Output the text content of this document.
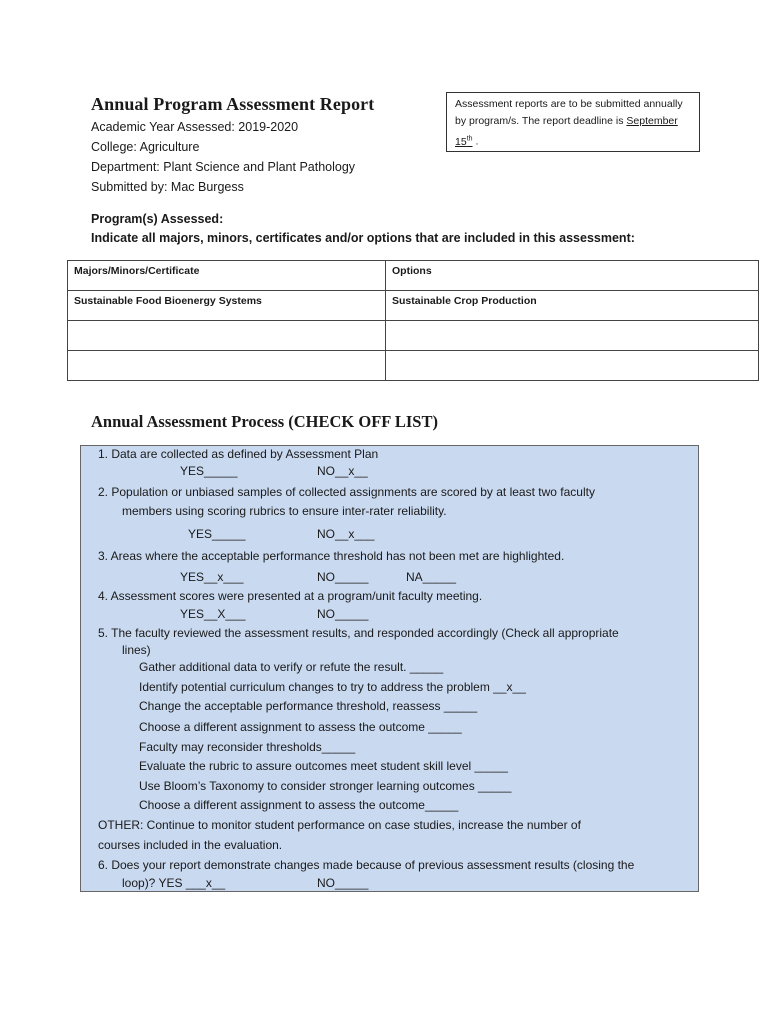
Annual Program Assessment Report
Academic Year Assessed: 2019-2020
College: Agriculture
Department: Plant Science and Plant Pathology
Submitted by: Mac Burgess
Assessment reports are to be submitted annually
by program/s. The report deadline is September
15th .
Program(s) Assessed:
Indicate all majors, minors, certificates and/or options that are included in this assessment:
Majors/Minors/Certificate	Options
Sustainable Food Bioenergy Systems	Sustainable Crop Production

Annual Assessment Process (CHECK OFF LIST)
1. Data are collected as defined by Assessment Plan
YES_____	NO__x__
2. Population or unbiased samples of collected assignments are scored by at least two faculty
members using scoring rubrics to ensure inter-rater reliability.
YES_____	NO__x___
3. Areas where the acceptable performance threshold has not been met are highlighted.
YES__x___	NO_____	NA_____
4. Assessment scores were presented at a program/unit faculty meeting.
YES__X___	NO_____
5. The faculty reviewed the assessment results, and responded accordingly (Check all appropriate
lines)
Gather additional data to verify or refute the result. _____
Identify potential curriculum changes to try to address the problem __x__
Change the acceptable performance threshold, reassess _____
Choose a different assignment to assess the outcome _____
Faculty may reconsider thresholds_____
Evaluate the rubric to assure outcomes meet student skill level _____
Use Bloom’s Taxonomy to consider stronger learning outcomes _____
Choose a different assignment to assess the outcome_____
OTHER: Continue to monitor student performance on case studies, increase the number of
courses included in the evaluation.
6. Does your report demonstrate changes made because of previous assessment results (closing the
loop)? YES ___x__	NO_____
